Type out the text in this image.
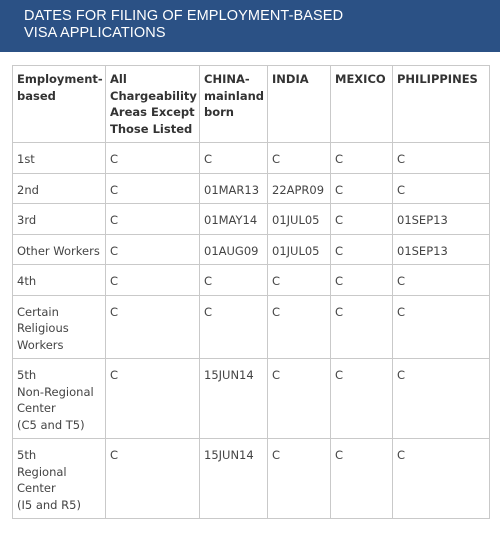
DATES FOR FILING OF EMPLOYMENT-BASED VISA APPLICATIONS
Employment-
based	All
Chargeability
Areas Except
Those Listed	CHINA-
mainland
born	INDIA	MEXICO	PHILIPPINES

1st	C	C	C	C	C

2nd	C	01MAR13	22APR09	C	C

3rd	C	01MAY14	01JUL05	C	01SEP13

Other Workers	C	01AUG09	01JUL05	C	01SEP13

4th	C	C	C	C	C

Certain
Religious
Workers	C	C	C	C	C

5th
Non-Regional
Center
(C5 and T5)	C	15JUN14	C	C	C

5th
Regional
Center
(I5 and R5)	C	15JUN14	C	C	C
